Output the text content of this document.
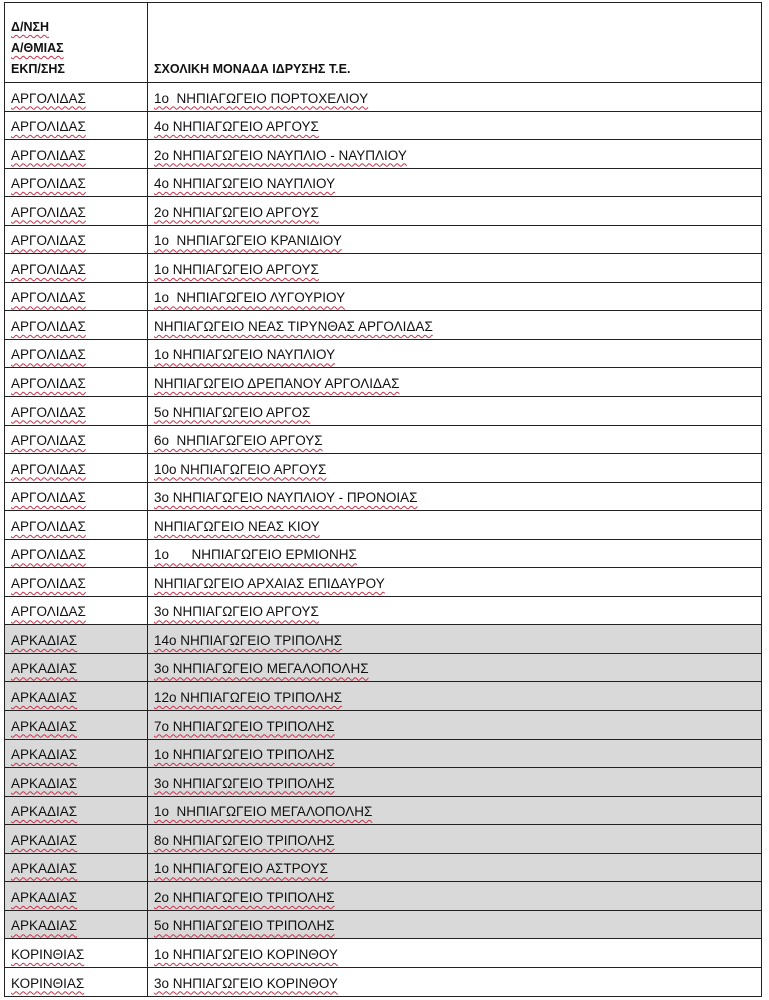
Δ/ΝΣΗ
Α/ΘΜΙΑΣ
ΕΚΠ/ΣΗΣ	ΣΧΟΛΙΚΗ ΜΟΝΑΔΑ ΙΔΡΥΣΗΣ Τ.Ε.
ΑΡΓΟΛΙΔΑΣ	1ο  ΝΗΠΙΑΓΩΓΕΙΟ ΠΟΡΤΟΧΕΛΙΟΥ
ΑΡΓΟΛΙΔΑΣ	4ο ΝΗΠΙΑΓΩΓΕΙΟ ΑΡΓΟΥΣ
ΑΡΓΟΛΙΔΑΣ	2ο ΝΗΠΙΑΓΩΓΕΙΟ ΝΑΥΠΛΙΟ - ΝΑΥΠΛΙΟΥ
ΑΡΓΟΛΙΔΑΣ	4ο ΝΗΠΙΑΓΩΓΕΙΟ ΝΑΥΠΛΙΟΥ
ΑΡΓΟΛΙΔΑΣ	2ο ΝΗΠΙΑΓΩΓΕΙΟ ΑΡΓΟΥΣ
ΑΡΓΟΛΙΔΑΣ	1ο  ΝΗΠΙΑΓΩΓΕΙΟ ΚΡΑΝΙΔΙΟΥ
ΑΡΓΟΛΙΔΑΣ	1ο ΝΗΠΙΑΓΩΓΕΙΟ ΑΡΓΟΥΣ
ΑΡΓΟΛΙΔΑΣ	1ο  ΝΗΠΙΑΓΩΓΕΙΟ ΛΥΓΟΥΡΙΟΥ
ΑΡΓΟΛΙΔΑΣ	ΝΗΠΙΑΓΩΓΕΙΟ ΝΕΑΣ ΤΙΡΥΝΘΑΣ ΑΡΓΟΛΙΔΑΣ
ΑΡΓΟΛΙΔΑΣ	1ο ΝΗΠΙΑΓΩΓΕΙΟ ΝΑΥΠΛΙΟΥ
ΑΡΓΟΛΙΔΑΣ	ΝΗΠΙΑΓΩΓΕΙΟ ΔΡΕΠΑΝΟΥ ΑΡΓΟΛΙΔΑΣ
ΑΡΓΟΛΙΔΑΣ	5ο ΝΗΠΙΑΓΩΓΕΙΟ ΑΡΓΟΣ
ΑΡΓΟΛΙΔΑΣ	6ο  ΝΗΠΙΑΓΩΓΕΙΟ ΑΡΓΟΥΣ
ΑΡΓΟΛΙΔΑΣ	10ο ΝΗΠΙΑΓΩΓΕΙΟ ΑΡΓΟΥΣ
ΑΡΓΟΛΙΔΑΣ	3ο ΝΗΠΙΑΓΩΓΕΙΟ ΝΑΥΠΛΙΟΥ - ΠΡΟΝΟΙΑΣ
ΑΡΓΟΛΙΔΑΣ	ΝΗΠΙΑΓΩΓΕΙΟ ΝΕΑΣ ΚΙΟΥ
ΑΡΓΟΛΙΔΑΣ	1ο      ΝΗΠΙΑΓΩΓΕΙΟ ΕΡΜΙΟΝΗΣ
ΑΡΓΟΛΙΔΑΣ	ΝΗΠΙΑΓΩΓΕΙΟ ΑΡΧΑΙΑΣ ΕΠΙΔΑΥΡΟΥ
ΑΡΓΟΛΙΔΑΣ	3ο ΝΗΠΙΑΓΩΓΕΙΟ ΑΡΓΟΥΣ
ΑΡΚΑΔΙΑΣ	14ο ΝΗΠΙΑΓΩΓΕΙΟ ΤΡΙΠΟΛΗΣ
ΑΡΚΑΔΙΑΣ	3ο ΝΗΠΙΑΓΩΓΕΙΟ ΜΕΓΑΛΟΠΟΛΗΣ
ΑΡΚΑΔΙΑΣ	12ο ΝΗΠΙΑΓΩΓΕΙΟ ΤΡΙΠΟΛΗΣ
ΑΡΚΑΔΙΑΣ	7ο ΝΗΠΙΑΓΩΓΕΙΟ ΤΡΙΠΟΛΗΣ
ΑΡΚΑΔΙΑΣ	1ο ΝΗΠΙΑΓΩΓΕΙΟ ΤΡΙΠΟΛΗΣ
ΑΡΚΑΔΙΑΣ	3ο ΝΗΠΙΑΓΩΓΕΙΟ ΤΡΙΠΟΛΗΣ
ΑΡΚΑΔΙΑΣ	1ο  ΝΗΠΙΑΓΩΓΕΙΟ ΜΕΓΑΛΟΠΟΛΗΣ
ΑΡΚΑΔΙΑΣ	8ο ΝΗΠΙΑΓΩΓΕΙΟ ΤΡΙΠΟΛΗΣ
ΑΡΚΑΔΙΑΣ	1ο ΝΗΠΙΑΓΩΓΕΙΟ ΑΣΤΡΟΥΣ
ΑΡΚΑΔΙΑΣ	2ο ΝΗΠΙΑΓΩΓΕΙΟ ΤΡΙΠΟΛΗΣ
ΑΡΚΑΔΙΑΣ	5ο ΝΗΠΙΑΓΩΓΕΙΟ ΤΡΙΠΟΛΗΣ
ΚΟΡΙΝΘΙΑΣ	1ο ΝΗΠΙΑΓΩΓΕΙΟ ΚΟΡΙΝΘΟΥ
ΚΟΡΙΝΘΙΑΣ	3ο ΝΗΠΙΑΓΩΓΕΙΟ ΚΟΡΙΝΘΟΥ
